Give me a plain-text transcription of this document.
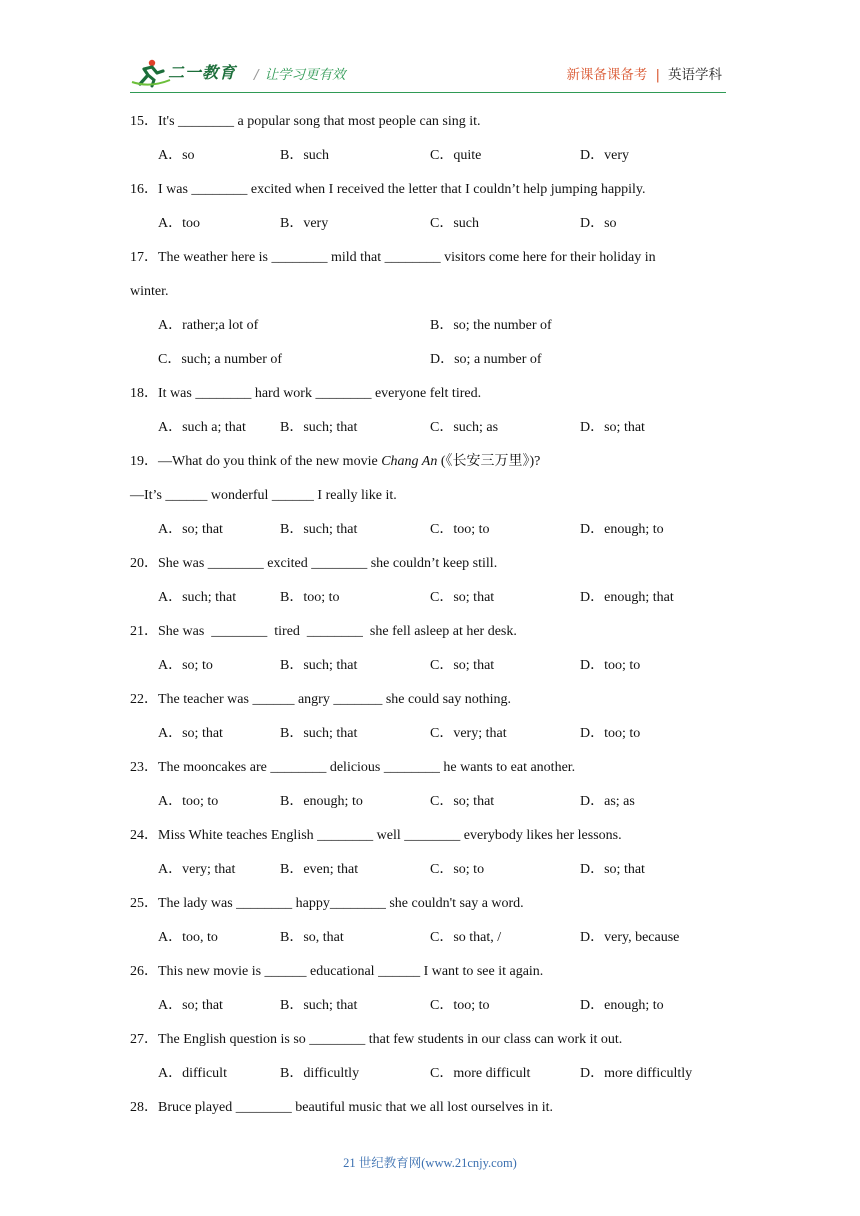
二一教育 / 让学习更有效	新课备课备考 | 英语学科
15．It's ________ a popular song that most people can sing it.
A．so	B．such	C．quite	D．very
16．I was ________ excited when I received the letter that I couldn’t help jumping happily.
A．too	B．very	C．such	D．so
17．The weather here is ________ mild that ________ visitors come here for their holiday in
winter.
A．rather;a lot of	B．so; the number of
C．such; a number of	D．so; a number of
18．It was ________ hard work ________ everyone felt tired.
A．such a; that B．such; that	C．such; as	D．so; that
19．—What do you think of the new movie Chang An (《长安三万里》)?
—It’s ______ wonderful ______ I really like it.
A．so; that	B．such; that	C．too; to	D．enough; to
20．She was ________ excited ________ she couldn’t keep still.
A．such; that	B．too; to	C．so; that	D．enough; that
21．She was  ________  tired  ________  she fell asleep at her desk.
A．so; to	B．such; that	C．so; that	D．too; to
22．The teacher was ______ angry _______ she could say nothing.
A．so; that	B．such; that	C．very; that	D．too; to
23．The mooncakes are ________ delicious ________ he wants to eat another.
A．too; to	B．enough; to	C．so; that	D．as; as
24．Miss White teaches English ________ well ________ everybody likes her lessons.
A．very; that	B．even; that	C．so; to	D．so; that
25．The lady was ________ happy________ she couldn't say a word.
A．too, to	B．so, that	C．so that, /	D．very, because
26．This new movie is ______ educational ______ I want to see it again.
A．so; that	B．such; that	C．too; to	D．enough; to
27．The English question is so ________ that few students in our class can work it out.
A．difficult	B．difficultly	C．more difficult	D．more difficultly
28．Bruce played ________ beautiful music that we all lost ourselves in it.
21 世纪教育网(www.21cnjy.com)
